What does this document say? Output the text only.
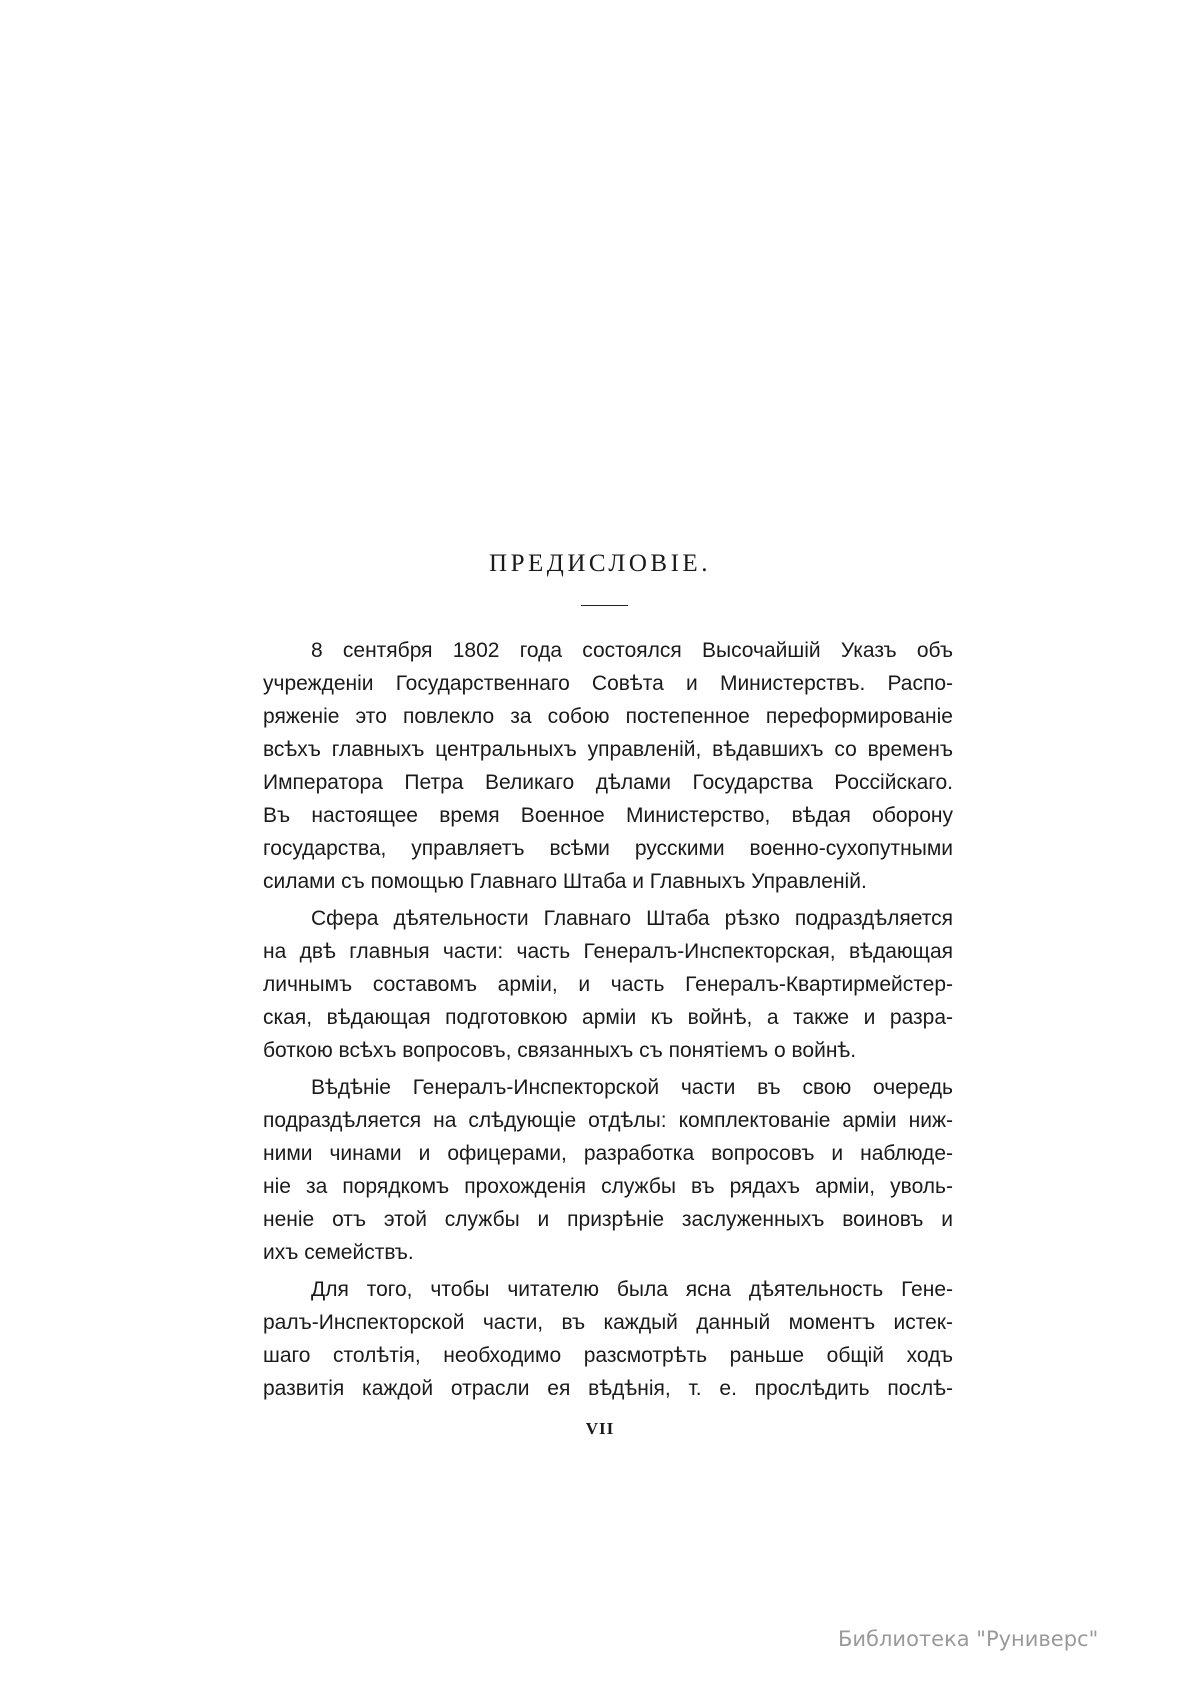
ПРЕДИСЛОВІЕ.
8 сентября 1802 года состоялся Высочайшій Указъ объ
учрежденіи Государственнаго Совѣта и Министерствъ. Распо-
ряженіе это повлекло за собою постепенное переформированіе
всѣхъ главныхъ центральныхъ управленій, вѣдавшихъ со временъ
Императора Петра Великаго дѣлами Государства Россійскаго.
Въ настоящее время Военное Министерство, вѣдая оборону
государства, управляетъ всѣми русскими военно-сухопутными
силами съ помощью Главнаго Штаба и Главныхъ Управленій.
Сфера дѣятельности Главнаго Штаба рѣзко подраздѣляется
на двѣ главныя части: часть Генералъ-Инспекторская, вѣдающая
личнымъ составомъ арміи, и часть Генералъ-Квартирмейстер-
ская, вѣдающая подготовкою арміи къ войнѣ, а также и разра-
боткою всѣхъ вопросовъ, связанныхъ съ понятіемъ о войнѣ.
Вѣдѣніе Генералъ-Инспекторской части въ свою очередь
подраздѣляется на слѣдующіе отдѣлы: комплектованіе арміи ниж-
ними чинами и офицерами, разработка вопросовъ и наблюде-
ніе за порядкомъ прохожденія службы въ рядахъ арміи, уволь-
неніе отъ этой службы и призрѣніе заслуженныхъ воиновъ и
ихъ семействъ.
Для того, чтобы читателю была ясна дѣятельность Гене-
ралъ-Инспекторской части, въ каждый данный моментъ истек-
шаго столѣтія, необходимо разсмотрѣть раньше общій ходъ
развитія каждой отрасли ея вѣдѣнія, т. е. прослѣдить послѣ-
VII
Библиотека "Руниверс"
